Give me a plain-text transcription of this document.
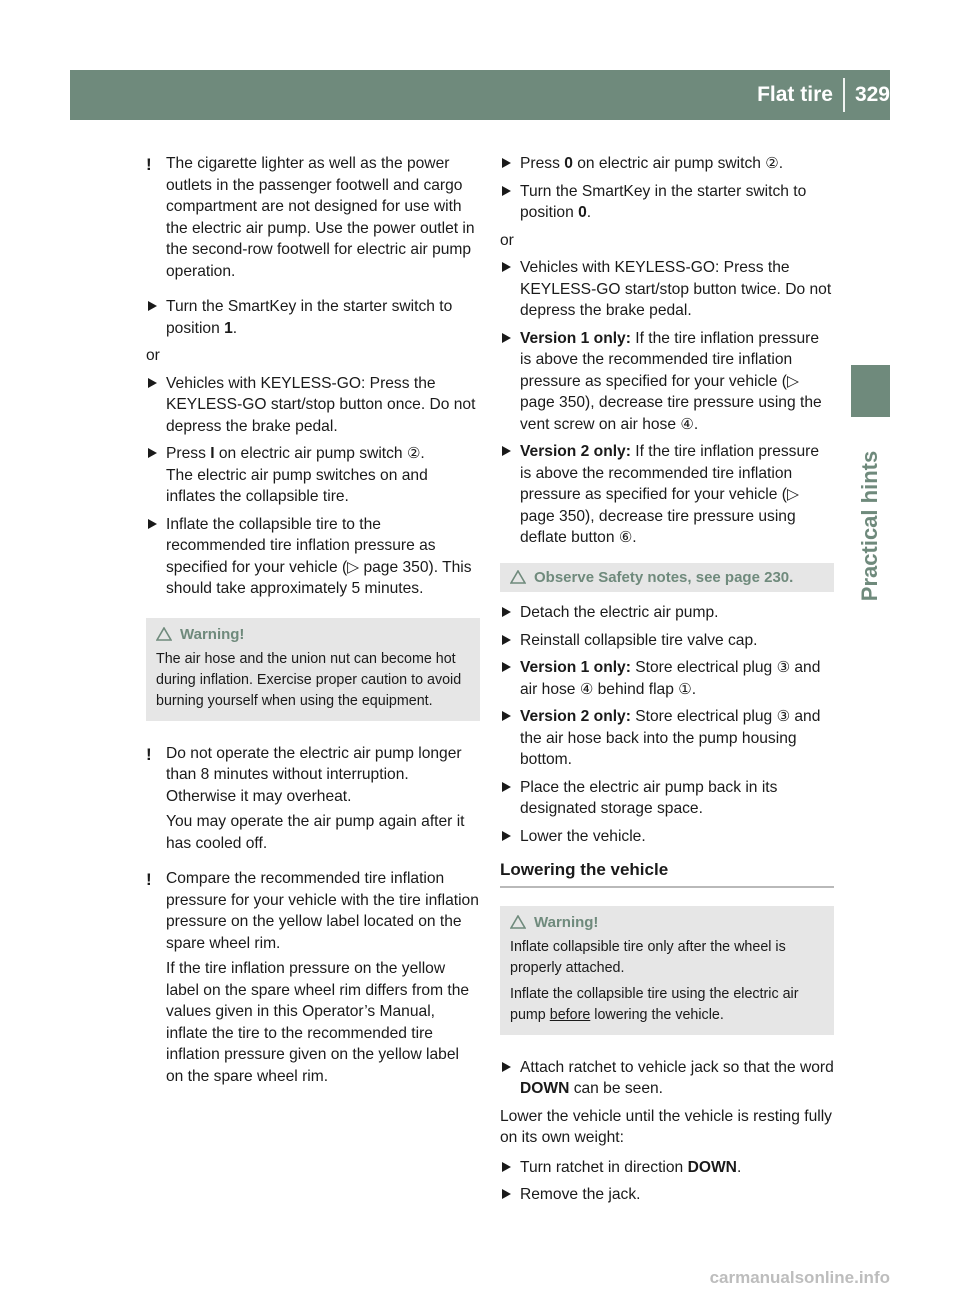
Flat tire 329
Practical hints
! The cigarette lighter as well as the power outlets in the passenger footwell and cargo compartment are not designed for use with the electric air pump. Use the power outlet in the second-row footwell for electric air pump operation.

Turn the SmartKey in the starter switch to position 1.

or

Vehicles with KEYLESS-GO: Press the KEYLESS-GO start/stop button once. Do not depress the brake pedal.
Press I on electric air pump switch ②.

The electric air pump switches on and inflates the collapsible tire.

Inflate the collapsible tire to the recommended tire inflation pressure as specified for your vehicle (▷ page 350). This should take approximately 5 minutes.
Warning!

The air hose and the union nut can become hot during inflation. Exercise proper caution to avoid burning yourself when using the equipment.

! Do not operate the electric air pump longer than 8 minutes without interruption. Otherwise it may overheat.

You may operate the air pump again after it has cooled off.

! Compare the recommended tire inflation pressure for your vehicle with the tire inflation pressure on the yellow label located on the spare wheel rim.

If the tire inflation pressure on the yellow label on the spare wheel rim differs from the values given in this Operator’s Manual, inflate the tire to the recommended tire inflation pressure given on the yellow label on the spare wheel rim.

Press 0 on electric air pump switch ②.
Turn the SmartKey in the starter switch to position 0.

or

Vehicles with KEYLESS-GO: Press the KEYLESS-GO start/stop button twice. Do not depress the brake pedal.
Version 1 only: If the tire inflation pressure is above the recommended tire inflation pressure as specified for your vehicle (▷ page 350), decrease tire pressure using the vent screw on air hose ④.
Version 2 only: If the tire inflation pressure is above the recommended tire inflation pressure as specified for your vehicle (▷ page 350), decrease tire pressure using deflate button ⑥.
Observe Safety notes, see page 230.
Detach the electric air pump.
Reinstall collapsible tire valve cap.
Version 1 only: Store electrical plug ③ and air hose ④ behind flap ①.
Version 2 only: Store electrical plug ③ and the air hose back into the pump housing bottom.
Place the electric air pump back in its designated storage space.
Lower the vehicle.
Lowering the vehicle
Warning!

Inflate collapsible tire only after the wheel is properly attached.

Inflate the collapsible tire using the electric air pump before lowering the vehicle.

Attach ratchet to vehicle jack so that the word DOWN can be seen.

Lower the vehicle until the vehicle is resting fully on its own weight:

Turn ratchet in direction DOWN.
Remove the jack.
carmanualsonline.info
